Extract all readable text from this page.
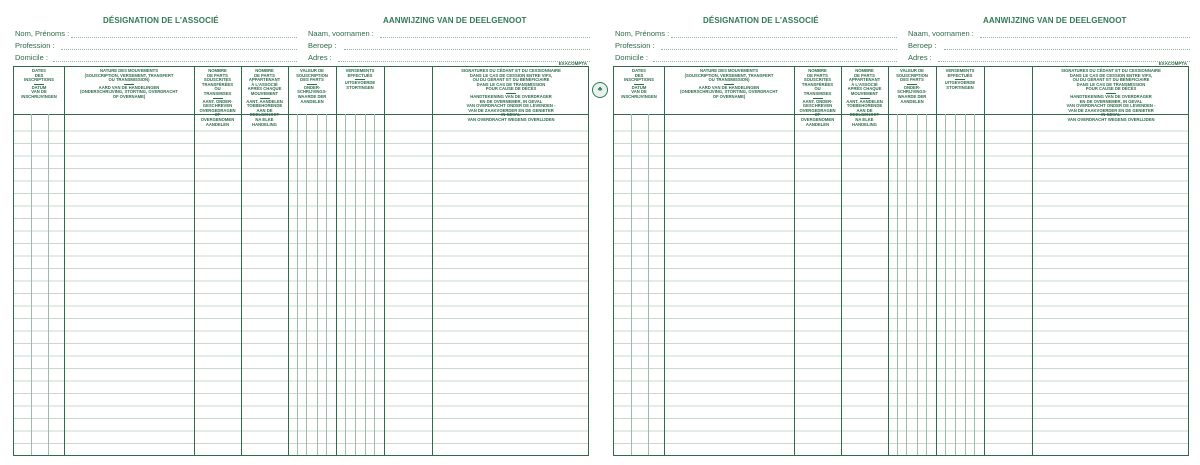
DÉSIGNATION DE L'ASSOCIÉ	AANWIJZING VAN DE DEELGENOOT
Nom, Prénoms :
Profession :
Domicile :
Naam, voornamen :
Beroep :
Adres :
EXACOMPTA
DATES
DES
INSCRIPTIONS
DATUM
VAN DE
INSCHRIJVINGEN
NATURE DES MOUVEMENTS
(SOUSCRIPTION, VERSEMENT, TRANSFERT
OU TRANSMISSION)
AARD VAN DE HANDELINGEN
(ONDERSCHRIJVING, STORTING, OVERDRACHT
OF OVERNAME)
NOMBRE
DE PARTS
SOUSCRITES
TRANSFÉRÉES
OU
TRANSMISES
AANT. ONDER-
GESCHREVEN
OVERGEDRAGEN
OF
OVERGENOMEN
AANDELEN
NOMBRE
DE PARTS
APPARTENANT
À L'ASSOCIÉ
APRÈS CHAQUE
MOUVEMENT
AANT. AANDELEN
TOEBEHORENDE
AAN DE
DEELGENOOT
NA ELKE
HANDELING
VALEUR DE
SOUSCRIPTION
DES PARTS
ONDER-
SCHRIJVINGS-
WAARDE DER
AANDELEN
VERSEMENTS
EFFECTUÉS
UITGEVOERDE
STORTINGEN
SIGNATURES DU CÉDANT ET DU CESSIONNAIRE
DANS LE CAS DE CESSION ENTRE VIFS,
OU DU GÉRANT ET DU BÉNÉFICIAIRE
DANS LE CAS DE TRANSMISSION
POUR CAUSE DE DÉCÈS
HANDTEKENING VAN DE OVERDRAGER
EN DE OVERNEMER, IN GEVAL
VAN OVERDRACHT ONDER DE LEVENDEN -
VAN DE ZAAKVOERDER EN DE GENIETER
IN GEVAL
VAN OVERDRACHT WEGENS OVERLIJDEN
♣
DÉSIGNATION DE L'ASSOCIÉ	AANWIJZING VAN DE DEELGENOOT
Nom, Prénoms :
Profession :
Domicile :
Naam, voornamen :
Beroep :
Adres :
EXACOMPTA
DATES
DES
INSCRIPTIONS
DATUM
VAN DE
INSCHRIJVINGEN
NATURE DES MOUVEMENTS
(SOUSCRIPTION, VERSEMENT, TRANSFERT
OU TRANSMISSION)
AARD VAN DE HANDELINGEN
(ONDERSCHRIJVING, STORTING, OVERDRACHT
OF OVERNAME)
NOMBRE
DE PARTS
SOUSCRITES
TRANSFÉRÉES
OU
TRANSMISES
AANT. ONDER-
GESCHREVEN
OVERGEDRAGEN
OF
OVERGENOMEN
AANDELEN
NOMBRE
DE PARTS
APPARTENANT
À L'ASSOCIÉ
APRÈS CHAQUE
MOUVEMENT
AANT. AANDELEN
TOEBEHORENDE
AAN DE
DEELGENOOT
NA ELKE
HANDELING
VALEUR DE
SOUSCRIPTION
DES PARTS
ONDER-
SCHRIJVINGS-
WAARDE DER
AANDELEN
VERSEMENTS
EFFECTUÉS
UITGEVOERDE
STORTINGEN
SIGNATURES DU CÉDANT ET DU CESSIONNAIRE
DANS LE CAS DE CESSION ENTRE VIFS,
OU DU GÉRANT ET DU BÉNÉFICIAIRE
DANS LE CAS DE TRANSMISSION
POUR CAUSE DE DÉCÈS
HANDTEKENING VAN DE OVERDRAGER
EN DE OVERNEMER, IN GEVAL
VAN OVERDRACHT ONDER DE LEVENDEN -
VAN DE ZAAKVOERDER EN DE GENIETER
IN GEVAL
VAN OVERDRACHT WEGENS OVERLIJDEN
